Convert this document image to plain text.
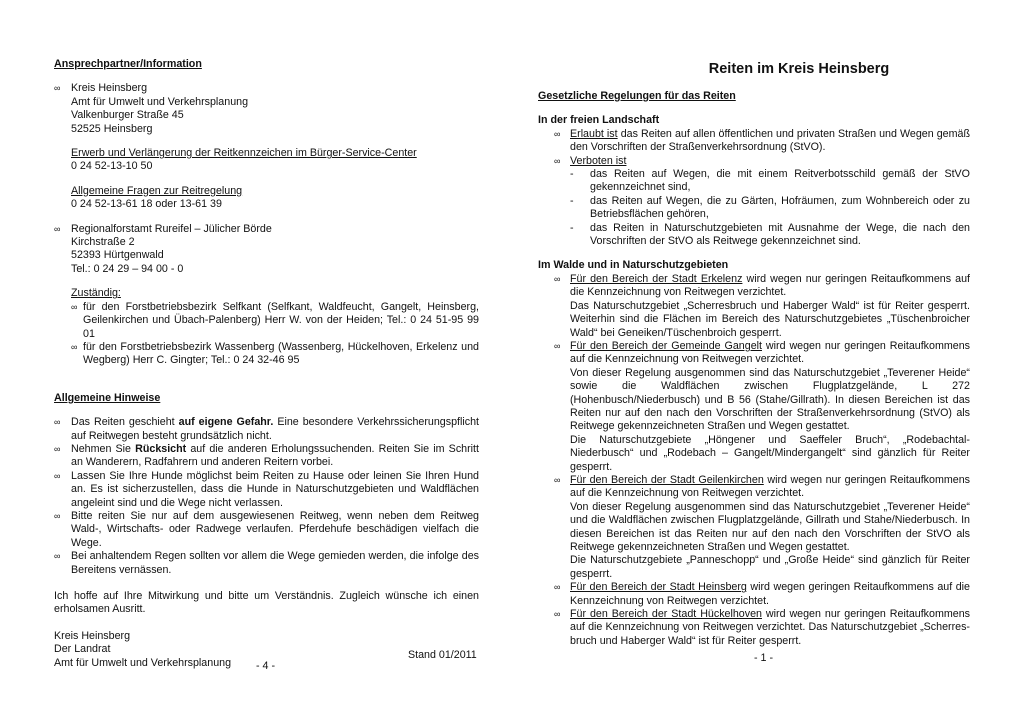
Ansprechpartner/Information

∞ Kreis Heinsberg

Amt für Umwelt und Verkehrsplanung

Valkenburger Straße 45

52525 Heinsberg

Erwerb und Verlängerung der Reitkennzeichen im Bürger-Service-Center

0 24 52-13-10 50

Allgemeine Fragen zur Reitregelung

0 24 52-13-61 18 oder 13-61 39

∞ Regionalforstamt Rureifel – Jülicher Börde

Kirchstraße 2

52393 Hürtgenwald

Tel.: 0 24 29 – 94 00 - 0

Zuständig:

∞ für den Forstbetriebsbezirk Selfkant (Selfkant, Waldfeucht, Gangelt, Heinsberg, Geilenkirchen und Übach-Palenberg) Herr W. von der Heiden; Tel.: 0 24 51-95 99 01
∞ für den Forstbetriebsbezirk Wassenberg (Wassenberg, Hückelhoven, Erkelenz und Wegberg) Herr C. Gingter; Tel.: 0 24 32-46 95

Allgemeine Hinweise

∞ Das Reiten geschieht auf eigene Gefahr. Eine besondere Verkehrssicherungspflicht auf Reitwegen besteht grundsätzlich nicht.
∞ Nehmen Sie Rücksicht auf die anderen Erholungssuchenden. Reiten Sie im Schritt an Wanderern, Radfahrern und anderen Reitern vorbei.
∞ Lassen Sie Ihre Hunde möglichst beim Reiten zu Hause oder leinen Sie Ihren Hund an. Es ist sicherzustellen, dass die Hunde in Naturschutzgebieten und Waldflächen angeleint sind und die Wege nicht verlassen.
∞ Bitte reiten Sie nur auf dem ausgewiesenen Reitweg, wenn neben dem Reitweg Wald-, Wirtschafts- oder Radwege verlaufen. Pferdehufe beschädigen vielfach die Wege.
∞ Bei anhaltendem Regen sollten vor allem die Wege gemieden werden, die infolge des Bereitens vernässen.

Ich hoffe auf Ihre Mitwirkung und bitte um Verständnis. Zugleich wünsche ich einen erholsamen Ausritt.

Kreis Heinsberg

Der Landrat

Amt für Umwelt und Verkehrsplanung

Stand 01/2011
- 4 -

Reiten im Kreis Heinsberg

Gesetzliche Regelungen für das Reiten

In der freien Landschaft

∞ Erlaubt ist das Reiten auf allen öffentlichen und privaten Straßen und Wegen gemäß den Vorschriften der Straßenverkehrsordnung (StVO).
∞ Verboten ist
- das Reiten auf Wegen, die mit einem Reitverbotsschild gemäß der StVO gekennzeichnet sind,
- das Reiten auf Wegen, die zu Gärten, Hofräumen, zum Wohnbereich oder zu Betriebsflächen gehören,
- das Reiten in Naturschutzgebieten mit Ausnahme der Wege, die nach den Vorschriften der StVO als Reitwege gekennzeichnet sind.

Im Walde und in Naturschutzgebieten

∞ Für den Bereich der Stadt Erkelenz wird wegen nur geringen Reitaufkommens auf die Kennzeichnung von Reitwegen verzichtet.

Das Naturschutzgebiet „Scherresbruch und Haberger Wald“ ist für Reiter gesperrt. Weiterhin sind die Flächen im Bereich des Naturschutzgebietes „Tüschenbroicher Wald“ bei Geneiken/Tüschenbroich gesperrt.

∞ Für den Bereich der Gemeinde Gangelt wird wegen nur geringen Reitaufkommens auf die Kennzeichnung von Reitwegen verzichtet.

Von dieser Regelung ausgenommen sind das Naturschutzgebiet „Teverener Heide“ sowie die Waldflächen zwischen Flugplatzgelände, L 272 (Hohenbusch/Niederbusch) und B 56 (Stahe/Gillrath). In diesen Bereichen ist das Reiten nur auf den nach den Vorschriften der Straßenverkehrsordnung (StVO) als Reitwege gekennzeichneten Straßen und Wegen gestattet.

Die Naturschutzgebiete „Höngener und Saeffeler Bruch“, „Rodebachtal-Niederbusch“ und „Rodebach – Gangelt/Mindergangelt“ sind gänzlich für Reiter gesperrt.

∞ Für den Bereich der Stadt Geilenkirchen wird wegen nur geringen Reitaufkommens auf die Kennzeichnung von Reitwegen verzichtet.

Von dieser Regelung ausgenommen sind das Naturschutzgebiet „Teverener Heide“ und die Waldflächen zwischen Flugplatzgelände, Gillrath und Stahe/Niederbusch. In diesen Bereichen ist das Reiten nur auf den nach den Vorschriften der StVO als Reitwege gekennzeichneten Straßen und Wegen gestattet.

Die Naturschutzgebiete „Panneschopp“ und „Große Heide“ sind gänzlich für Reiter gesperrt.

∞ Für den Bereich der Stadt Heinsberg wird wegen geringen Reitaufkommens auf die Kennzeichnung von Reitwegen verzichtet.
∞ Für den Bereich der Stadt Hückelhoven wird wegen nur geringen Reitaufkommens auf die Kennzeichnung von Reitwegen verzichtet. Das Naturschutzgebiet „Scherres-bruch und Haberger Wald“ ist für Reiter gesperrt.
- 1 -
